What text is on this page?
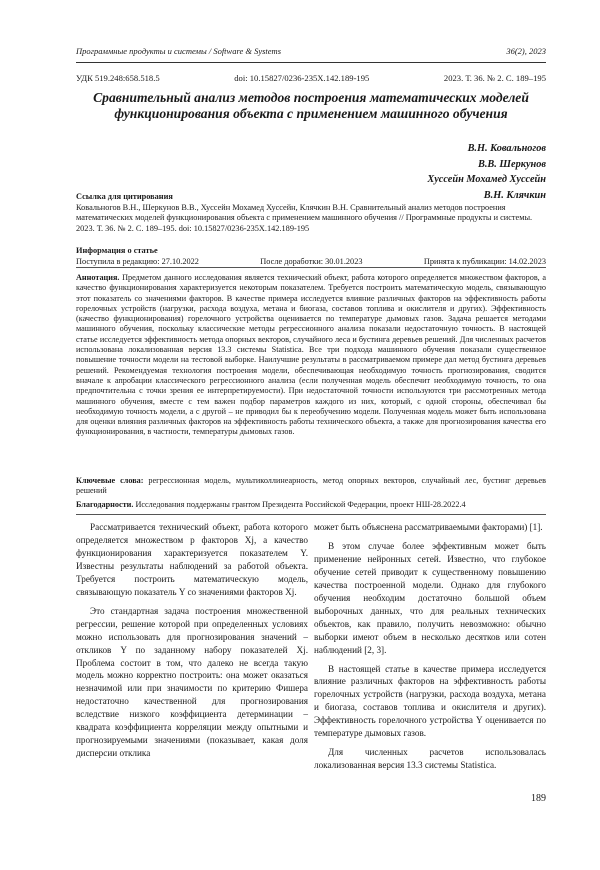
Программные продукты и системы / Software & Systems	36(2), 2023
УДК 519.248:658.518.5	doi: 10.15827/0236-235X.142.189-195	2023. Т. 36. № 2. С. 189–195
Сравнительный анализ методов построения математических моделей функционирования объекта с применением машинного обучения
В.Н. Ковальногов
В.В. Шеркунов
Хуссейн Мохамед Хуссейн
В.Н. Клячкин
Ссылка для цитирования
Ковальногов В.Н., Шеркунов В.В., Хуссейн Мохамед Хуссейн, Клячкин В.Н. Сравнительный анализ методов построения математических моделей функционирования объекта с применением машинного обучения // Программные продукты и системы. 2023. Т. 36. № 2. С. 189–195. doi: 10.15827/0236-235X.142.189-195
Информация о статье
Поступила в редакцию: 27.10.2022	После доработки: 30.01.2023	Принята к публикации: 14.02.2023
Аннотация. Предметом данного исследования является технический объект, работа которого определяется множеством факторов, а качество функционирования характеризуется некоторым показателем. Требуется построить математическую модель, связывающую этот показатель со значениями факторов. В качестве примера исследуется влияние различных факторов на эффективность работы горелочных устройств (нагрузки, расхода воздуха, метана и биогаза, составов топлива и окислителя и других). Эффективность (качество функционирования) горелочного устройства оценивается по температуре дымовых газов. Задача решается методами машинного обучения, поскольку классические методы регрессионного анализа показали недостаточную точность. В настоящей статье исследуется эффективность метода опорных векторов, случайного леса и бустинга деревьев решений. Для численных расчетов использована локализованная версия 13.3 системы Statistica. Все три подхода машинного обучения показали существенное повышение точности модели на тестовой выборке. Наилучшие результаты в рассматриваемом примере дал метод бустинга деревьев решений. Рекомендуемая технология построения модели, обеспечивающая необходимую точность прогнозирования, сводится вначале к апробации классического регрессионного анализа (если полученная модель обеспечит необходимую точность, то она предпочтительна с точки зрения ее интерпретируемости). При недостаточной точности используются три рассмотренных метода машинного обучения, вместе с тем важен подбор параметров каждого из них, который, с одной стороны, обеспечивал бы необходимую точность модели, а с другой – не приводил бы к переобучению модели. Полученная модель может быть использована для оценки влияния различных факторов на эффективность работы технического объекта, а также для прогнозирования качества его функционирования, в частности, температуры дымовых газов.
Ключевые слова: регрессионная модель, мультиколлинеарность, метод опорных векторов, случайный лес, бустинг деревьев решений
Благодарности. Исследования поддержаны грантом Президента Российской Федерации, проект НШ-28.2022.4

Рассматривается технический объект, работа которого определяется множеством p факторов Xj, а качество функционирования характеризуется показателем Y. Известны результаты наблюдений за работой объекта. Требуется построить математическую модель, связывающую показатель Y со значениями факторов Xj.

Это стандартная задача построения множественной регрессии, решение которой при определенных условиях можно использовать для прогнозирования значений – откликов Y по заданному набору показателей Xj. Проблема состоит в том, что далеко не всегда такую модель можно корректно построить: она может оказаться незначимой или при значимости по критерию Фишера недостаточно качественной для прогнозирования вследствие низкого коэффициента детерминации – квадрата коэффициента корреляции между опытными и прогнозируемыми значениями (показывает, какая доля дисперсии отклика

может быть объяснена рассматриваемыми факторами) [1].

В этом случае более эффективным может быть применение нейронных сетей. Известно, что глубокое обучение сетей приводит к существенному повышению качества построенной модели. Однако для глубокого обучения необходим достаточно большой объем выборочных данных, что для реальных технических объектов, как правило, получить невозможно: обычно выборки имеют объем в несколько десятков или сотен наблюдений [2, 3].

В настоящей статье в качестве примера исследуется влияние различных факторов на эффективность работы горелочных устройств (нагрузки, расхода воздуха, метана и биогаза, составов топлива и окислителя и других). Эффективность горелочного устройства Y оценивается по температуре дымовых газов.

Для численных расчетов использовалась локализованная версия 13.3 системы Statistica.

189
